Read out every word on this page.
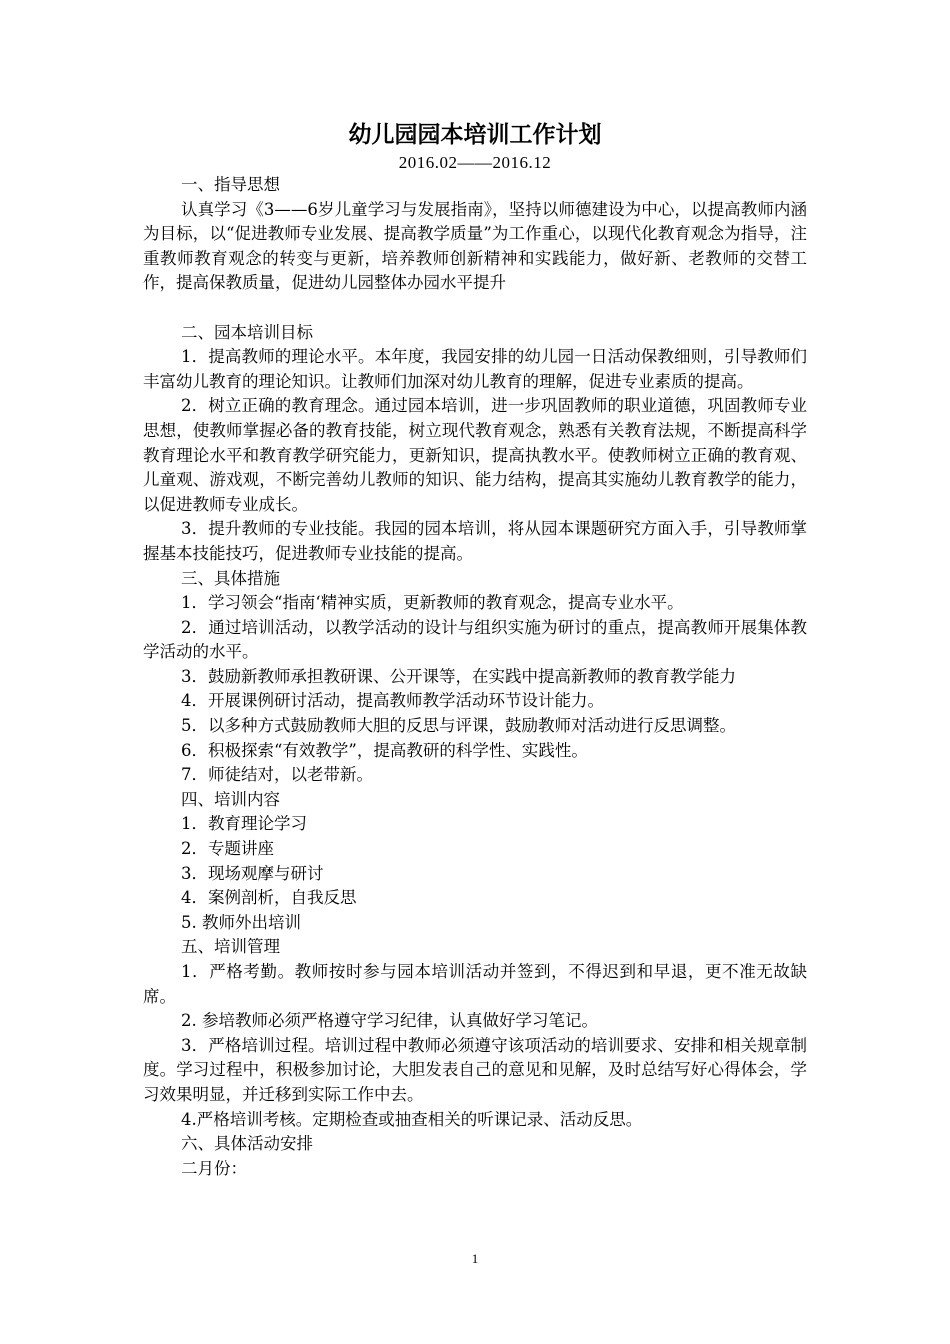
幼儿园园本培训工作计划
2016.02——2016.12

一、指导思想

认真学习《3——6岁儿童学习与发展指南》，坚持以师德建设为中心，以提高教师内涵为目标，以“促进教师专业发展、提高教学质量”为工作重心，以现代化教育观念为指导，注重教师教育观念的转变与更新，培养教师创新精神和实践能力，做好新、老教师的交替工作，提高保教质量，促进幼儿园整体办园水平提升

二、园本培训目标

1．提高教师的理论水平。本年度，我园安排的幼儿园一日活动保教细则，引导教师们丰富幼儿教育的理论知识。让教师们加深对幼儿教育的理解，促进专业素质的提高。

2．树立正确的教育理念。通过园本培训，进一步巩固教师的职业道德，巩固教师专业思想，使教师掌握必备的教育技能，树立现代教育观念，熟悉有关教育法规，不断提高科学教育理论水平和教育教学研究能力，更新知识，提高执教水平。使教师树立正确的教育观、儿童观、游戏观，不断完善幼儿教师的知识、能力结构，提高其实施幼儿教育教学的能力，以促进教师专业成长。

3．提升教师的专业技能。我园的园本培训，将从园本课题研究方面入手，引导教师掌握基本技能技巧，促进教师专业技能的提高。

三、具体措施

1．学习领会“指南‘精神实质，更新教师的教育观念，提高专业水平。

2．通过培训活动，以教学活动的设计与组织实施为研讨的重点，提高教师开展集体教学活动的水平。

3．鼓励新教师承担教研课、公开课等，在实践中提高新教师的教育教学能力

4．开展课例研讨活动，提高教师教学活动环节设计能力。

5．以多种方式鼓励教师大胆的反思与评课，鼓励教师对活动进行反思调整。

6．积极探索“有效教学”，提高教研的科学性、实践性。

7．师徒结对，以老带新。

四、培训内容

1．教育理论学习

2．专题讲座

3．现场观摩与研讨

4．案例剖析，自我反思

5. 教师外出培训

五、培训管理

1．严格考勤。教师按时参与园本培训活动并签到，不得迟到和早退，更不准无故缺席。

2. 参培教师必须严格遵守学习纪律，认真做好学习笔记。

3．严格培训过程。培训过程中教师必须遵守该项活动的培训要求、安排和相关规章制度。学习过程中，积极参加讨论，大胆发表自己的意见和见解，及时总结写好心得体会，学习效果明显，并迁移到实际工作中去。

4.严格培训考核。定期检查或抽查相关的听课记录、活动反思。

六、具体活动安排

二月份：

1
